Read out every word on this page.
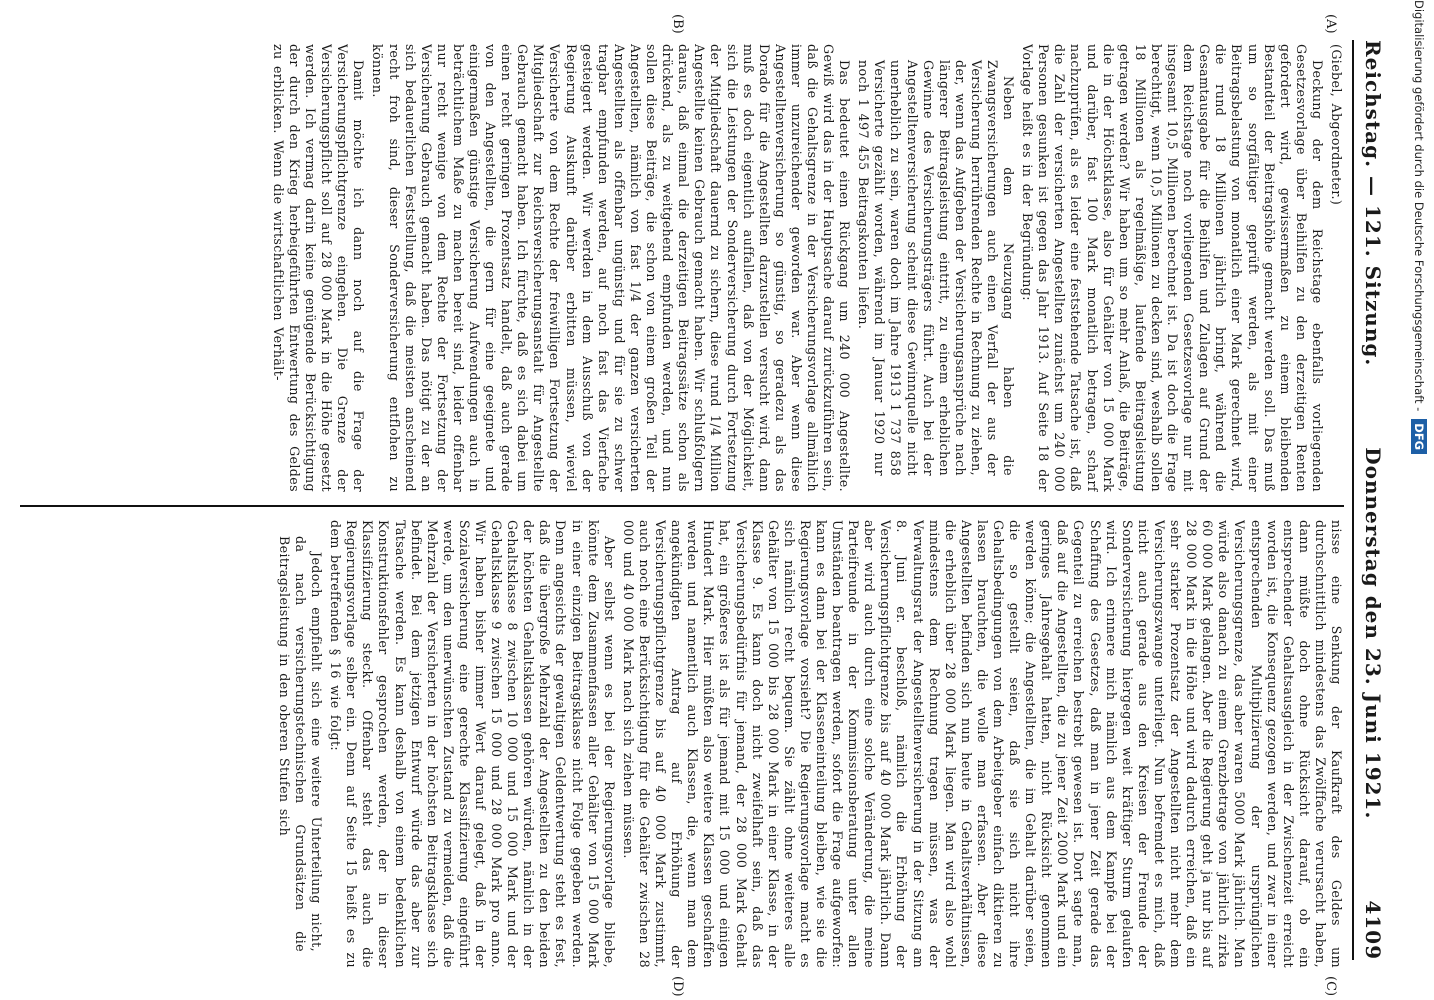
Reichstag. — 121. Sitzung.
Donnerstag den 23. Juni 1921.
4109
(A)
(B)
(C)
(D)

(Giebel, Abgeordneter.)

Deckung der dem Reichstage ebenfalls vorliegenden Gesetzesvorlage über Beihilfen zu den derzeitigen Renten gefordert wird, gewissermaßen zu einem bleibenden Bestandteil der Beitragshöhe gemacht werden soll. Das muß um so sorgfältiger geprüft werden, als mit einer Beitragsbelastung von monatlich einer Mark gerechnet wird, die rund 18 Millionen jährlich bringt, während die Gesamtausgabe für die Beihilfen und Zulagen auf Grund der dem Reichstage noch vorliegenden Gesetzesvorlage nur mit insgesamt 10,5 Millionen berechnet ist. Da ist doch die Frage berechtigt, wenn 10,5 Millionen zu decken sind, weshalb sollen 18 Millionen als regelmäßige, laufende Beitragsleistung getragen werden? Wir haben um so mehr Anlaß, die Beiträge, die in der Höchstklasse, also für Gehälter von 15 000 Mark und darüber, fast 100 Mark monatlich betragen, scharf nachzuprüfen, als es leider eine feststehende Tatsache ist, daß die Zahl der versicherten Angestellten zunächst um 240 000 Personen gesunken ist gegen das Jahr 1913. Auf Seite 18 der Vorlage heißt es in der Begründung:

Neben dem Neuzugang haben die Zwangsversicherungen auch einen Verfall der aus der Versicherung herrührenden Rechte in Rechnung zu ziehen, der, wenn das Aufgeben der Versicherungsansprüche nach längerer Beitragsleistung eintritt, zu einem erheblichen Gewinne des Versicherungsträgers führt. Auch bei der Angestelltenversicherung scheint diese Gewinnquelle nicht unerheblich zu sein, waren doch im Jahre 1913 1 737 858 Versicherte gezählt worden, während im Januar 1920 nur noch 1 497 455 Beitragskonten liefen.

Das bedeutet einen Rückgang um 240 000 Angestellte. Gewiß wird das in der Hauptsache darauf zurückzuführen sein, daß die Gehaltsgrenze in der Versicherungsvorlage allmählich immer unzureichender geworden war. Aber wenn diese Angestelltenversicherung so günstig, so geradezu als das Dorado für die Angestellten darzustellen versucht wird, dann muß es doch eigentlich auffallen, daß von der Möglichkeit, sich die Leistungen der Sonderversicherung durch Fortsetzung der Mitgliedschaft dauernd zu sichern, diese rund 1/4 Million Angestellte keinen Gebrauch gemacht haben. Wir schlußfolgern daraus, daß einmal die derzeitigen Beitragssätze schon als drückend, als zu weitgehend empfunden werden, und nun sollen diese Beiträge, die schon von einem großen Teil der Angestellten, nämlich von fast 1/4 der ganzen versicherten Angestellten als offenbar ungünstig und für sie zu schwer tragbar empfunden werden, auf noch fast das Vierfache gesteigert werden. Wir werden in dem Ausschuß von der Regierung Auskunft darüber erbitten müssen, wieviel Versicherte von dem Rechte der freiwilligen Fortsetzung der Mitgliedschaft zur Reichsversicherungsanstalt für Angestellte Gebrauch gemacht haben. Ich fürchte, daß es sich dabei um einen recht geringen Prozentsatz handelt, daß auch gerade von den Angestellten, die gern für eine geeignete und einigermaßen günstige Versicherung Aufwendungen auch in beträchtlichem Maße zu machen bereit sind, leider offenbar nur recht wenige von dem Rechte der Fortsetzung der Versicherung Gebrauch gemacht haben. Das nötigt zu der an sich bedauerlichen Feststellung, daß die meisten anscheinend recht froh sind, dieser Sonderversicherung entflohen zu können.

Damit möchte ich dann noch auf die Frage der Versicherungspflichtgrenze eingehen. Die Grenze der Versicherungspflicht soll auf 28 000 Mark in die Höhe gesetzt werden. Ich vermag darin keine genügende Berücksichtigung der durch den Krieg herbeigeführten Entwertung des Geldes zu erblicken. Wenn die wirtschaftlichen Verhält-

nisse eine Senkung der Kaufkraft des Geldes um durchschnittlich mindestens das Zwölffache verursacht haben, dann müßte doch ohne Rücksicht darauf, ob ein entsprechender Gehaltsausgleich in der Zwischenzeit erreicht worden ist, die Konsequenz gezogen werden, und zwar in einer entsprechenden Multiplizierung der ursprünglichen Versicherungsgrenze, das aber waren 5000 Mark jährlich. Man würde also danach zu einem Grenzbetrage von jährlich zirka 60 000 Mark gelangen. Aber die Regierung geht ja nur bis auf 28 000 Mark in die Höhe und wird dadurch erreichen, daß ein sehr starker Prozentsatz der Angestellten nicht mehr dem Versicherungszwange unterliegt. Nun befremdet es mich, daß nicht auch gerade aus den Kreisen der Freunde der Sonderversicherung hiergegen weit kräftiger Sturm gelaufen wird. Ich erinnere mich nämlich aus dem Kampfe bei der Schaffung des Gesetzes, daß man in jener Zeit gerade das Gegenteil zu erreichen bestrebt gewesen ist. Dort sagte man, daß auf die Angestellten, die zu jener Zeit 2000 Mark und ein geringes Jahresgehalt hatten, nicht Rücksicht genommen werden könne; die Angestellten, die im Gehalt darüber seien, die so gestellt seien, daß sie sich nicht ihre Gehaltsbedingungen von dem Arbeitgeber einfach diktieren zu lassen brauchten, die wolle man erfassen. Aber diese Angestellten befinden sich nun heute in Gehaltsverhältnissen, die erheblich über 28 000 Mark liegen. Man wird also wohl mindestens dem Rechnung tragen müssen, was der Verwaltungsrat der Angestelltenversicherung in der Sitzung am 8. Juni er. beschloß, nämlich die Erhöhung der Versicherungspflichtgrenze bis auf 40 000 Mark jährlich. Dann aber wird auch durch eine solche Veränderung, die meine Parteifreunde in der Kommissionsberatung unter allen Umständen beantragen werden, sofort die Frage aufgeworfen: kann es dann bei der Klasseneinteilung bleiben, wie sie die Regierungsvorlage vorsieht? Die Regierungsvorlage macht es sich nämlich recht bequem. Sie zählt ohne weiteres alle Gehälter von 15 000 bis 28 000 Mark in einer Klasse, in der Klasse 9. Es kann doch nicht zweifelhaft sein, daß das Versicherungsbedürfnis für jemand, der 28 000 Mark Gehalt hat, ein größeres ist als für jemand mit 15 000 und einigen Hundert Mark. Hier müßten also weitere Klassen geschaffen werden und namentlich auch Klassen, die, wenn man dem angekündigten Antrag auf Erhöhung der Versicherungspflichtgrenze bis auf 40 000 Mark zustimmt, auch noch eine Berücksichtigung für die Gehälter zwischen 28 000 und 40 000 Mark nach sich ziehen müssen.

Aber selbst wenn es bei der Regierungsvorlage bliebe, könnte dem Zusammenfassen aller Gehälter von 15 000 Mark in einer einzigen Beitragsklasse nicht Folge gegeben werden. Denn angesichts der gewaltigen Geldentwertung steht es fest, daß die übergroße Mehrzahl der Angestellten zu den beiden der höchsten Gehaltsklassen gehören würden, nämlich in der Gehaltsklasse 8 zwischen 10 000 und 15 000 Mark und der Gehaltsklasse 9 zwischen 15 000 und 28 000 Mark pro anno. Wir haben bisher immer Wert darauf gelegt, daß in der Sozialversicherung eine gerechte Klassifizierung eingeführt werde, um den unerwünschten Zustand zu vermeiden, daß die Mehrzahl der Versicherten in der höchsten Beitragsklasse sich befindet. Bei dem jetzigen Entwurf würde das aber zur Tatsache werden. Es kann deshalb von einem bedenklichen Konstruktionsfehler gesprochen werden, der in dieser Klassifizierung steckt. Offenbar steht das auch die Regierungsvorlage selber ein. Denn auf Seite 15 heißt es zu dem betreffenden § 16 wie folgt:

Jedoch empfiehlt sich eine weitere Unterteilung nicht, da nach versicherungstechnischen Grundsätzen die Beitragsleistung in den oberen Stufen sich

Digitalisierung gefördert durch die Deutsche Forschungsgemeinschaft -DFG
